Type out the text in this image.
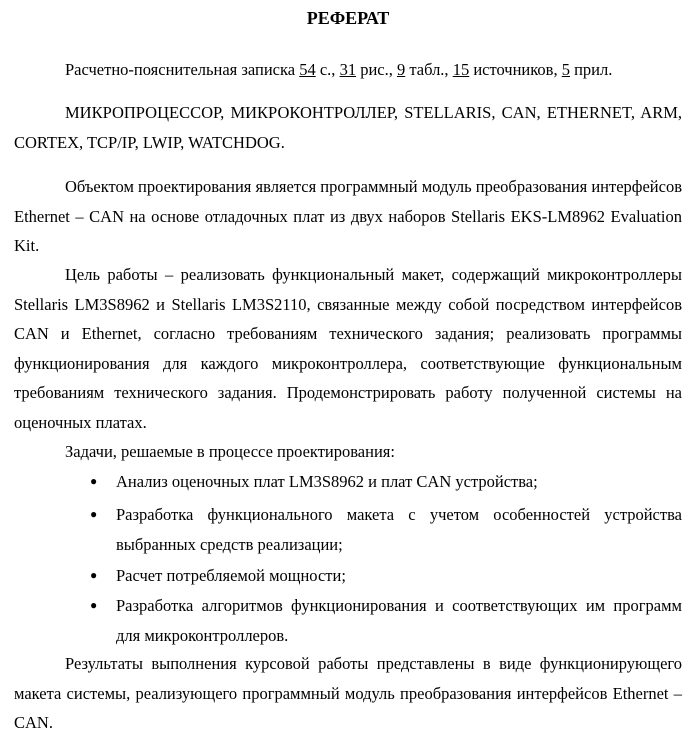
РЕФЕРАТ
Расчетно-пояснительная записка 54 с., 31 рис., 9 табл., 15 источников, 5 прил.
МИКРОПРОЦЕССОР, МИКРОКОНТРОЛЛЕР, STELLARIS, CAN, ETHERNET, ARM, CORTEX, TCP/IP, LWIP, WATCHDOG.
Объектом проектирования является программный модуль преобразования интерфейсов Ethernet – CAN на основе отладочных плат из двух наборов Stellaris EKS-LM8962 Evaluation Kit.
Цель работы – реализовать функциональный макет, содержащий микроконтроллеры Stellaris LM3S8962 и Stellaris LM3S2110, связанные между собой посредством интерфейсов CAN и Ethernet, согласно требованиям технического задания; реализовать программы функционирования для каждого микроконтроллера, соответствующие функциональным требованиям технического задания. Продемонстрировать работу полученной системы на оценочных платах.
Задачи, решаемые в процессе проектирования:
● Анализ оценочных плат LM3S8962 и плат CAN устройства;
● Разработка функционального макета с учетом особенностей устройства выбранных средств реализации;
● Расчет потребляемой мощности;
● Разработка алгоритмов функционирования и соответствующих им программ для микроконтроллеров.
Результаты выполнения курсовой работы представлены в виде функционирующего макета системы, реализующего программный модуль преобразования интерфейсов Ethernet – CAN.
